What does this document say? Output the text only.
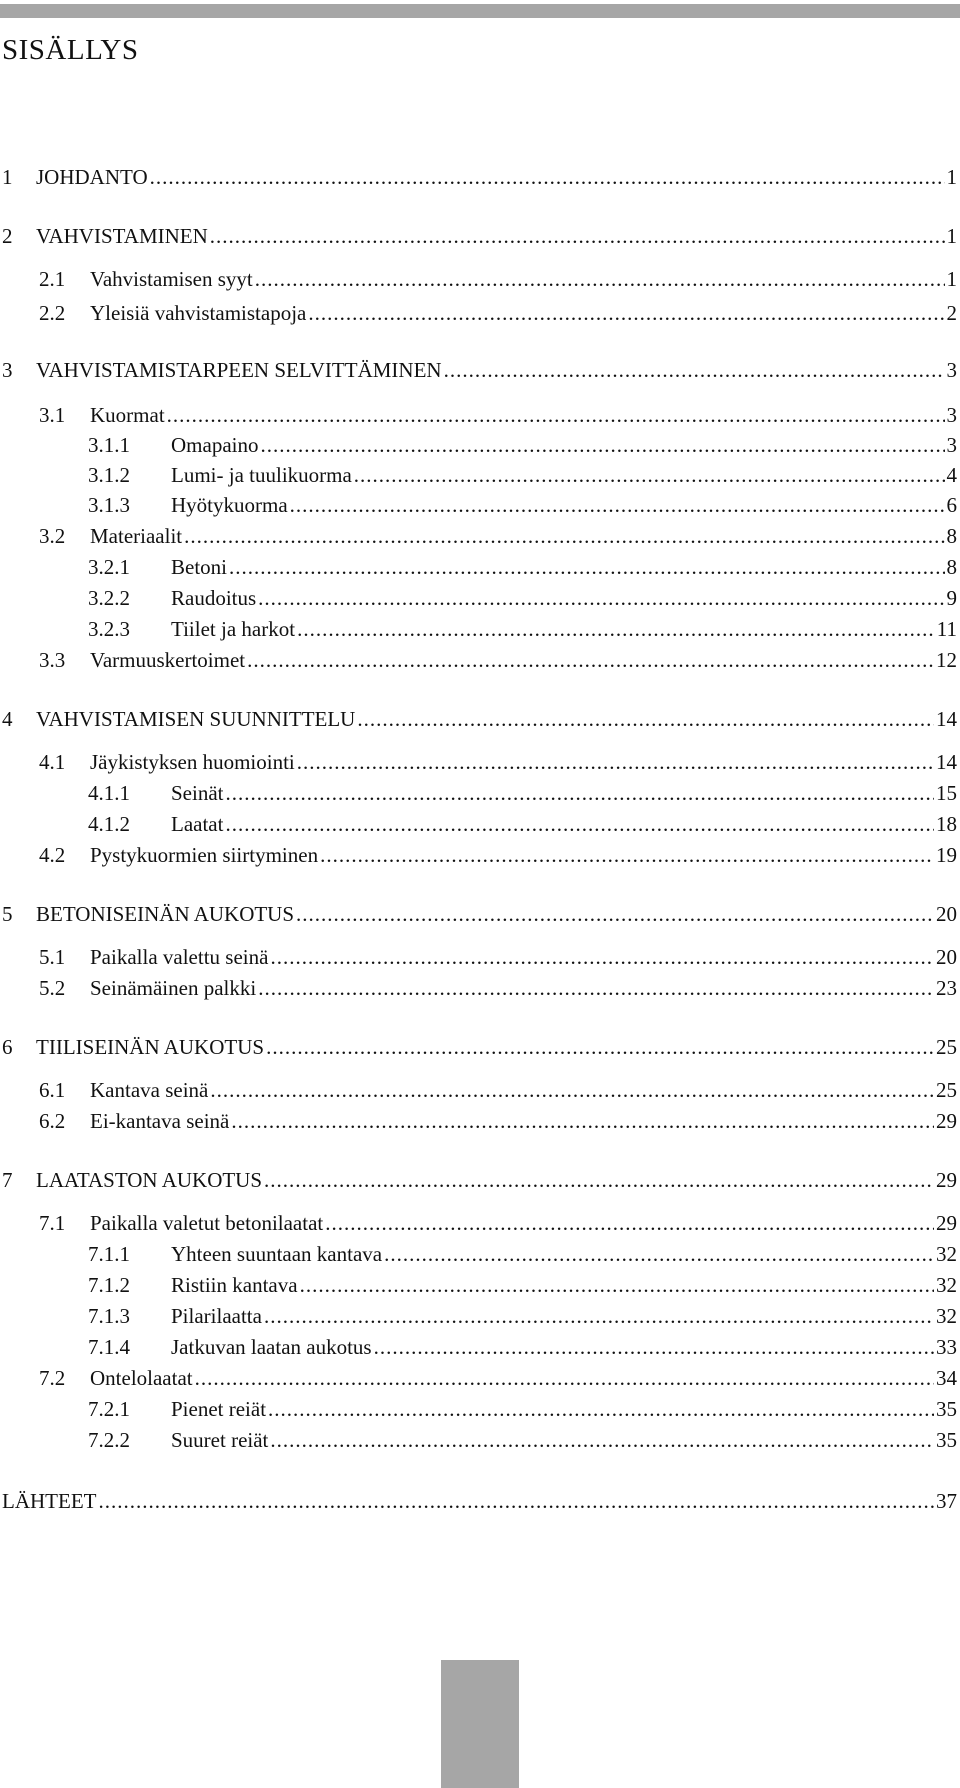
SISÄLLYS
1 JOHDANTO .....	1
2 VAHVISTAMINEN .....	1
2.1 Vahvistamisen syyt .....	1
2.2 Yleisiä vahvistamistapoja .....	2
3 VAHVISTAMISTARPEEN SELVITTÄMINEN .....	3
3.1 Kuormat .....	3
3.1.1 Omapaino .....	3
3.1.2 Lumi- ja tuulikuorma .....	4
3.1.3 Hyötykuorma .....	6
3.2 Materiaalit .....	8
3.2.1 Betoni .....	8
3.2.2 Raudoitus .....	9
3.2.3 Tiilet ja harkot .....	11
3.3 Varmuuskertoimet .....	12
4 VAHVISTAMISEN SUUNNITTELU .....	14
4.1 Jäykistyksen huomiointi .....	14
4.1.1 Seinät .....	15
4.1.2 Laatat .....	18
4.2 Pystykuormien siirtyminen .....	19
5 BETONISEINÄN AUKOTUS .....	20
5.1 Paikalla valettu seinä .....	20
5.2 Seinämäinen palkki .....	23
6 TIILISEINÄN AUKOTUS .....	25
6.1 Kantava seinä .....	25
6.2 Ei-kantava seinä .....	29
7 LAATASTON AUKOTUS .....	29
7.1 Paikalla valetut betonilaatat .....	29
7.1.1 Yhteen suuntaan kantava .....	32
7.1.2 Ristiin kantava .....	32
7.1.3 Pilarilaatta .....	32
7.1.4 Jatkuvan laatan aukotus .....	33
7.2 Ontelolaatat .....	34
7.2.1 Pienet reiät .....	35
7.2.2 Suuret reiät .....	35
LÄHTEET .....	37
